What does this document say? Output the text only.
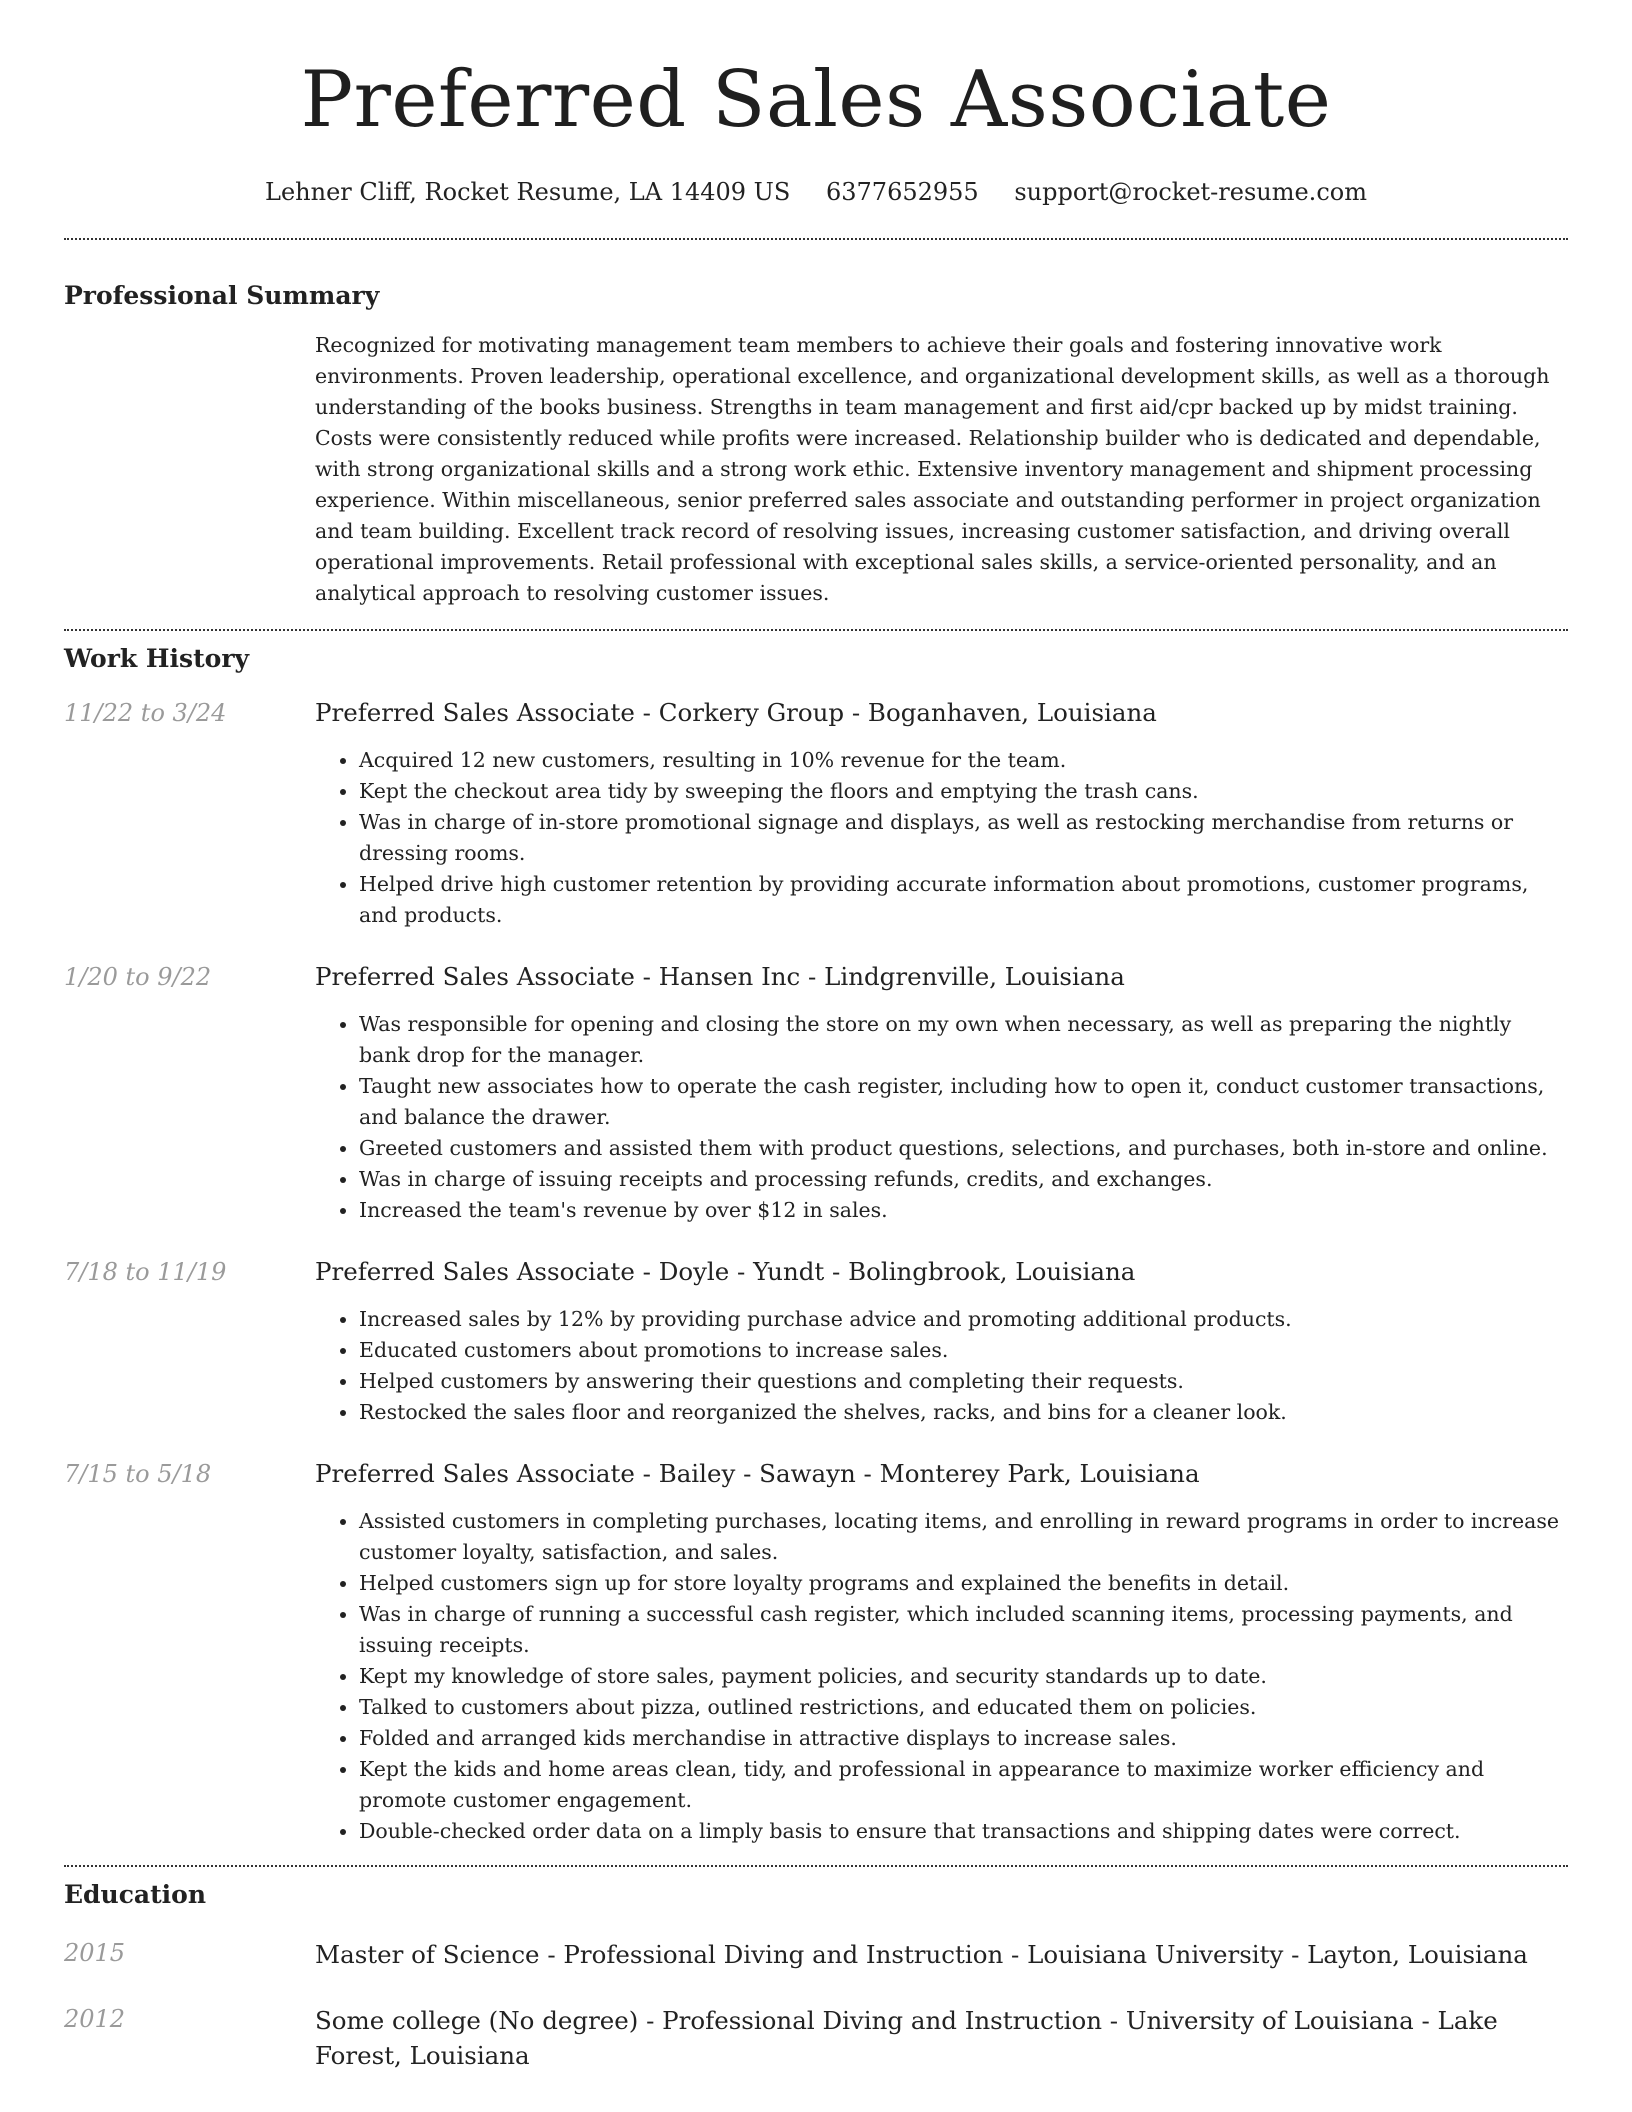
Preferred Sales Associate
Lehner Cliff, Rocket Resume, LA 14409 US 6377652955 support@rocket-resume.com
Professional Summary

Recognized for motivating management team members to achieve their goals and fostering innovative work environments. Proven leadership, operational excellence, and organizational development skills, as well as a thorough understanding of the books business. Strengths in team management and first aid/cpr backed up by midst training. Costs were consistently reduced while profits were increased. Relationship builder who is dedicated and dependable, with strong organizational skills and a strong work ethic. Extensive inventory management and shipment processing experience. Within miscellaneous, senior preferred sales associate and outstanding performer in project organization and team building. Excellent track record of resolving issues, increasing customer satisfaction, and driving overall operational improvements. Retail professional with exceptional sales skills, a service-oriented personality, and an analytical approach to resolving customer issues.

Work History
11/22 to 3/24	Preferred Sales Associate - Corkery Group - Boganhaven, Louisiana
• Acquired 12 new customers, resulting in 10% revenue for the team.
• Kept the checkout area tidy by sweeping the floors and emptying the trash cans.
• Was in charge of in-store promotional signage and displays, as well as restocking merchandise from returns or dressing rooms.
• Helped drive high customer retention by providing accurate information about promotions, customer programs, and products.
1/20 to 9/22	Preferred Sales Associate - Hansen Inc - Lindgrenville, Louisiana
• Was responsible for opening and closing the store on my own when necessary, as well as preparing the nightly bank drop for the manager.
• Taught new associates how to operate the cash register, including how to open it, conduct customer transactions, and balance the drawer.
• Greeted customers and assisted them with product questions, selections, and purchases, both in-store and online.
• Was in charge of issuing receipts and processing refunds, credits, and exchanges.
• Increased the team's revenue by over $12 in sales.
7/18 to 11/19	Preferred Sales Associate - Doyle - Yundt - Bolingbrook, Louisiana
• Increased sales by 12% by providing purchase advice and promoting additional products.
• Educated customers about promotions to increase sales.
• Helped customers by answering their questions and completing their requests.
• Restocked the sales floor and reorganized the shelves, racks, and bins for a cleaner look.
7/15 to 5/18	Preferred Sales Associate - Bailey - Sawayn - Monterey Park, Louisiana
• Assisted customers in completing purchases, locating items, and enrolling in reward programs in order to increase customer loyalty, satisfaction, and sales.
• Helped customers sign up for store loyalty programs and explained the benefits in detail.
• Was in charge of running a successful cash register, which included scanning items, processing payments, and issuing receipts.
• Kept my knowledge of store sales, payment policies, and security standards up to date.
• Talked to customers about pizza, outlined restrictions, and educated them on policies.
• Folded and arranged kids merchandise in attractive displays to increase sales.
• Kept the kids and home areas clean, tidy, and professional in appearance to maximize worker efficiency and promote customer engagement.
• Double-checked order data on a limply basis to ensure that transactions and shipping dates were correct.
Education
2015	Master of Science - Professional Diving and Instruction - Louisiana University - Layton, Louisiana
2012	Some college (No degree) - Professional Diving and Instruction - University of Louisiana - Lake Forest, Louisiana
